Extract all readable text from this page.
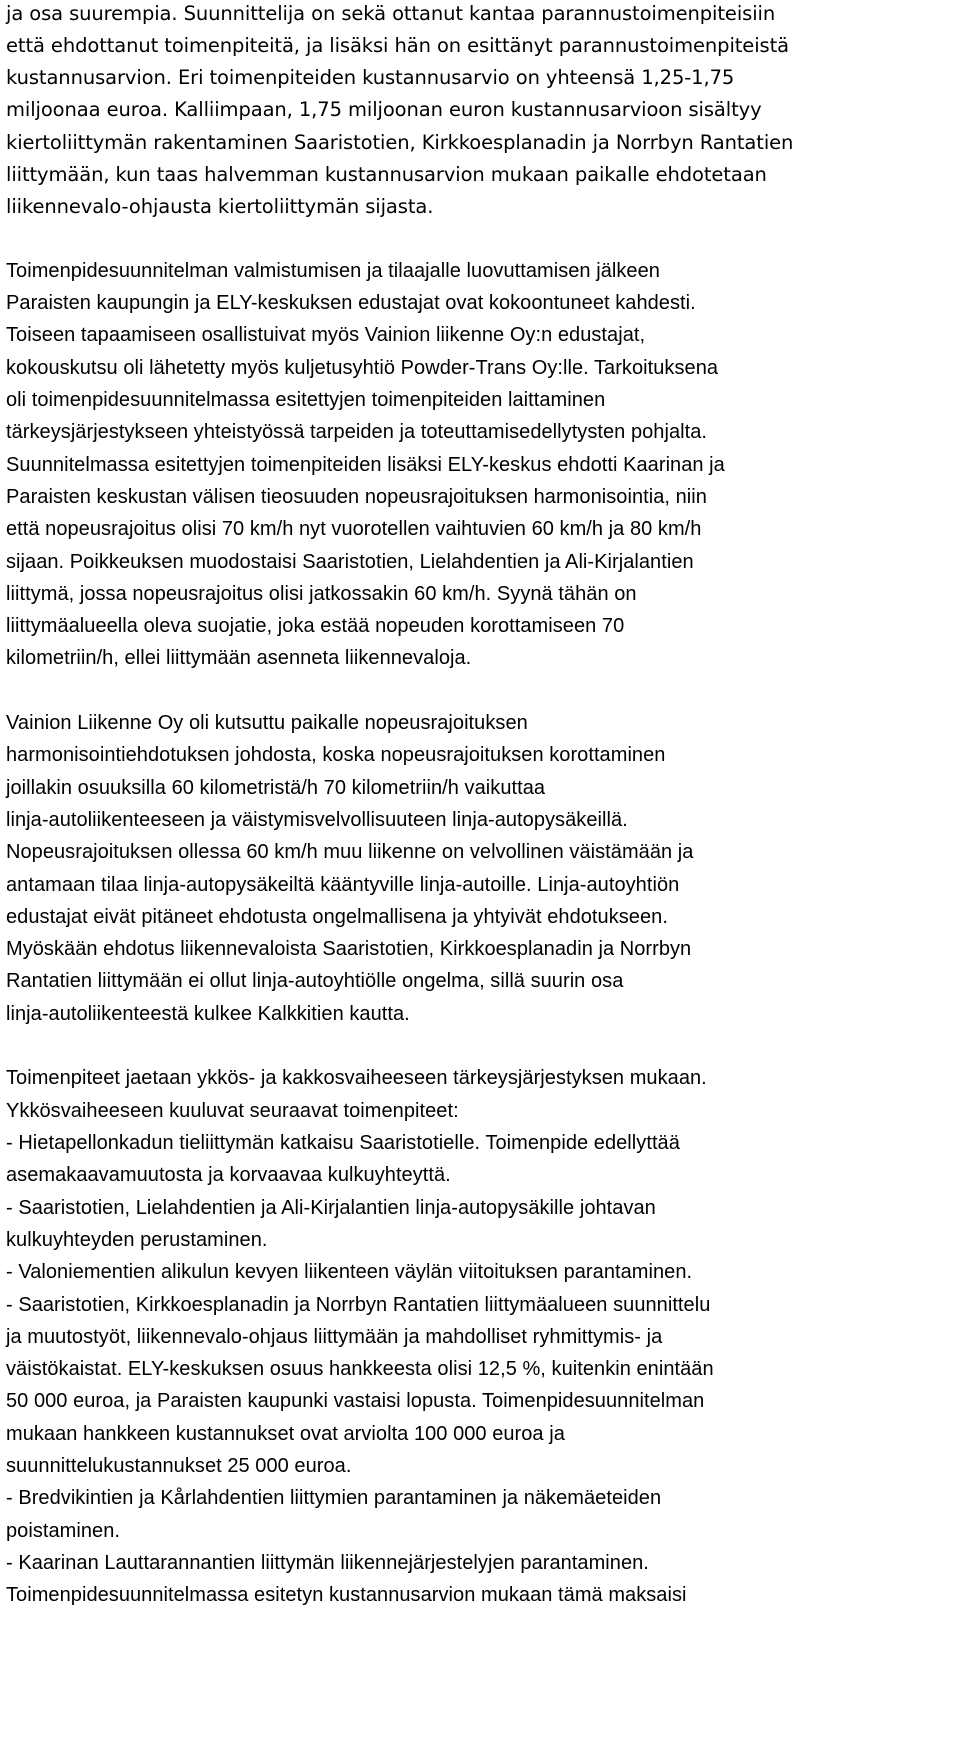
ja osa suurempia. Suunnittelija on sekä ottanut kantaa parannustoimenpiteisiin
että ehdottanut toimenpiteitä, ja lisäksi hän on esittänyt parannustoimenpiteistä
kustannusarvion. Eri toimenpiteiden kustannusarvio on yhteensä 1,25-1,75
miljoonaa euroa. Kalliimpaan, 1,75 miljoonan euron kustannusarvioon sisältyy
kiertoliittymän rakentaminen Saaristotien, Kirkkoesplanadin ja Norrbyn Rantatien
liittymään, kun taas halvemman kustannusarvion mukaan paikalle ehdotetaan
liikennevalo-ohjausta kiertoliittymän sijasta.
Toimenpidesuunnitelman valmistumisen ja tilaajalle luovuttamisen jälkeen
Paraisten kaupungin ja ELY-keskuksen edustajat ovat kokoontuneet kahdesti.
Toiseen tapaamiseen osallistuivat myös Vainion liikenne Oy:n edustajat,
kokouskutsu oli lähetetty myös kuljetusyhtiö Powder-Trans Oy:lle. Tarkoituksena
oli toimenpidesuunnitelmassa esitettyjen toimenpiteiden laittaminen
tärkeysjärjestykseen yhteistyössä tarpeiden ja toteuttamisedellytysten pohjalta.
Suunnitelmassa esitettyjen toimenpiteiden lisäksi ELY-keskus ehdotti Kaarinan ja
Paraisten keskustan välisen tieosuuden nopeusrajoituksen harmonisointia, niin
että nopeusrajoitus olisi 70 km/h nyt vuorotellen vaihtuvien 60 km/h ja 80 km/h
sijaan. Poikkeuksen muodostaisi Saaristotien, Lielahdentien ja Ali-Kirjalantien
liittymä, jossa nopeusrajoitus olisi jatkossakin 60 km/h. Syynä tähän on
liittymäalueella oleva suojatie, joka estää nopeuden korottamiseen 70
kilometriin/h, ellei liittymään asenneta liikennevaloja.
Vainion Liikenne Oy oli kutsuttu paikalle nopeusrajoituksen
harmonisointiehdotuksen johdosta, koska nopeusrajoituksen korottaminen
joillakin osuuksilla 60 kilometristä/h 70 kilometriin/h vaikuttaa
linja-autoliikenteeseen ja väistymisvelvollisuuteen linja-autopysäkeillä.
Nopeusrajoituksen ollessa 60 km/h muu liikenne on velvollinen väistämään ja
antamaan tilaa linja-autopysäkeiltä kääntyville linja-autoille. Linja-autoyhtiön
edustajat eivät pitäneet ehdotusta ongelmallisena ja yhtyivät ehdotukseen.
Myöskään ehdotus liikennevaloista Saaristotien, Kirkkoesplanadin ja Norrbyn
Rantatien liittymään ei ollut linja-autoyhtiölle ongelma, sillä suurin osa
linja-autoliikenteestä kulkee Kalkkitien kautta.
Toimenpiteet jaetaan ykkös- ja kakkosvaiheeseen tärkeysjärjestyksen mukaan.
Ykkösvaiheeseen kuuluvat seuraavat toimenpiteet:
- Hietapellonkadun tieliittymän katkaisu Saaristotielle. Toimenpide edellyttää
asemakaavamuutosta ja korvaavaa kulkuyhteyttä.
- Saaristotien, Lielahdentien ja Ali-Kirjalantien linja-autopysäkille johtavan
kulkuyhteyden perustaminen.
- Valoniementien alikulun kevyen liikenteen väylän viitoituksen parantaminen.
- Saaristotien, Kirkkoesplanadin ja Norrbyn Rantatien liittymäalueen suunnittelu
ja muutostyöt, liikennevalo-ohjaus liittymään ja mahdolliset ryhmittymis- ja
väistökaistat. ELY-keskuksen osuus hankkeesta olisi 12,5 %, kuitenkin enintään
50 000 euroa, ja Paraisten kaupunki vastaisi lopusta. Toimenpidesuunnitelman
mukaan hankkeen kustannukset ovat arviolta 100 000 euroa ja
suunnittelukustannukset 25 000 euroa.
- Bredvikintien ja Kårlahdentien liittymien parantaminen ja näkemäeteiden
poistaminen.
- Kaarinan Lauttarannantien liittymän liikennejärjestelyjen parantaminen.
Toimenpidesuunnitelmassa esitetyn kustannusarvion mukaan tämä maksaisi
